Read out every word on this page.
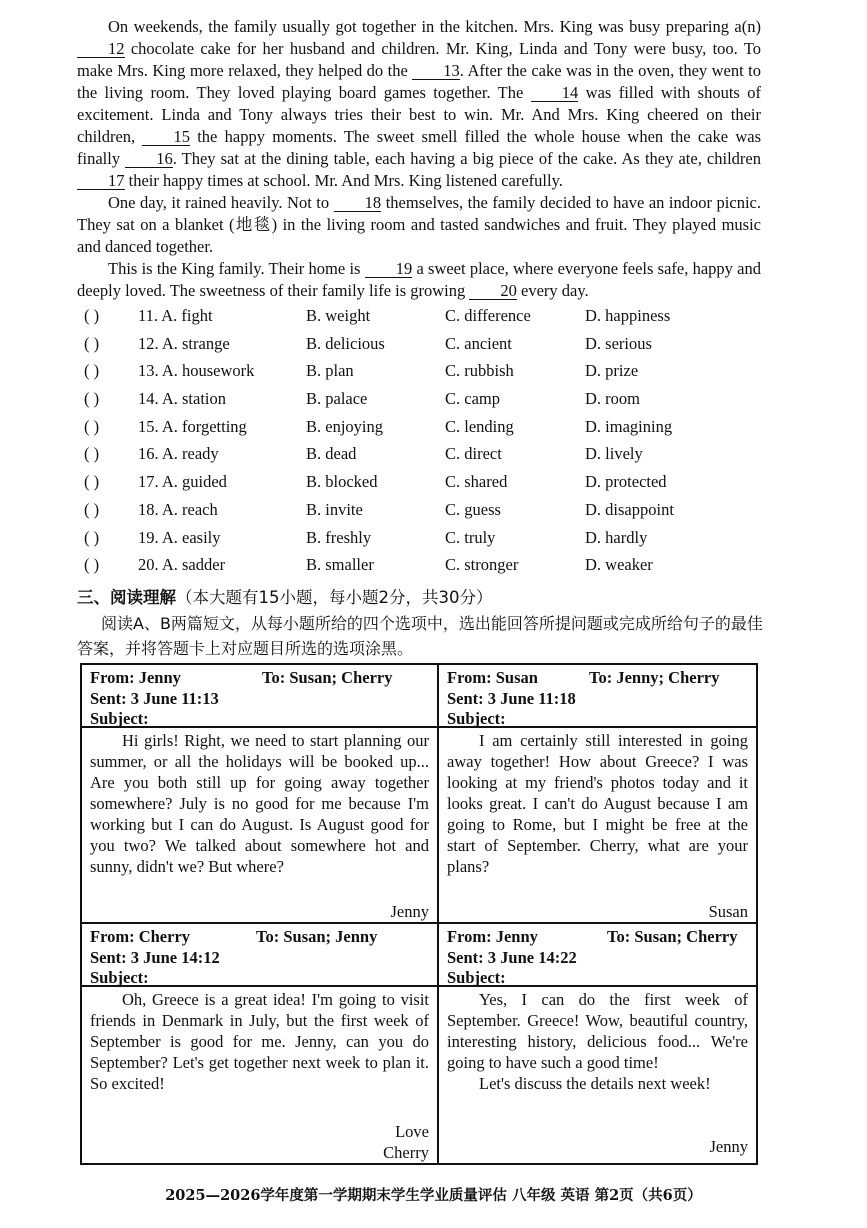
On weekends, the family usually got together in the kitchen. Mrs. King was busy preparing a(n) 12 chocolate cake for her husband and children. Mr. King, Linda and Tony were busy, too. To make Mrs. King more relaxed, they helped do the 13. After the cake was in the oven, they went to the living room. They loved playing board games together. The 14 was filled with shouts of excitement. Linda and Tony always tries their best to win. Mr. And Mrs. King cheered on their children, 15 the happy moments. The sweet smell filled the whole house when the cake was finally 16. They sat at the dining table, each having a big piece of the cake. As they ate, children 17 their happy times at school. Mr. And Mrs. King listened carefully.

One day, it rained heavily. Not to 18 themselves, the family decided to have an indoor picnic. They sat on a blanket (地毯) in the living room and tasted sandwiches and fruit. They played music and danced together.

This is the King family. Their home is 19 a sweet place, where everyone feels safe, happy and deeply loved. The sweetness of their family life is growing 20 every day.

( ) 11. A. fight	B. weight	C. difference	D. happiness
( ) 12. A. strange	B. delicious	C. ancient	D. serious
( ) 13. A. housework	B. plan	C. rubbish	D. prize
( ) 14. A. station	B. palace	C. camp	D. room
( ) 15. A. forgetting	B. enjoying	C. lending	D. imagining
( ) 16. A. ready	B. dead	C. direct	D. lively
( ) 17. A. guided	B. blocked	C. shared	D. protected
( ) 18. A. reach	B. invite	C. guess	D. disappoint
( ) 19. A. easily	B. freshly	C. truly	D. hardly
( ) 20. A. sadder	B. smaller	C. stronger	D. weaker
三、阅读理解（本大题有15小题，每小题2分，共30分）

阅读A、B两篇短文，从每小题所给的四个选项中，选出能回答所提问题或完成所给句子的最佳答案，并将答题卡上对应题目所选的选项涂黑。

From: Jenny	To: Susan; Cherry
Sent: 3 June 11:13
Subject:
From: Susan	To: Jenny; Cherry
Sent: 3 June 11:18
Subject:

Hi girls! Right, we need to start planning our summer, or all the holidays will be booked up... Are you both still up for going away together somewhere? July is no good for me because I'm working but I can do August. Is August good for you two? We talked about somewhere hot and sunny, didn't we? But where?

Jenny

I am certainly still interested in going away together! How about Greece? I was looking at my friend's photos today and it looks great. I can't do August because I am going to Rome, but I might be free at the start of September. Cherry, what are your plans?

Susan
From: Cherry	To: Susan; Jenny
Sent: 3 June 14:12
Subject:
From: Jenny	To: Susan; Cherry
Sent: 3 June 14:22
Subject:

Oh, Greece is a great idea! I'm going to visit friends in Denmark in July, but the first week of September is good for me. Jenny, can you do September? Let's get together next week to plan it. So excited!

Love
Cherry

Yes, I can do the first week of September. Greece! Wow, beautiful country, interesting history, delicious food... We're going to have such a good time!

Let's discuss the details next week!

Jenny
2025—2026学年度第一学期期末学生学业质量评估 八年级 英语 第2页（共6页）
